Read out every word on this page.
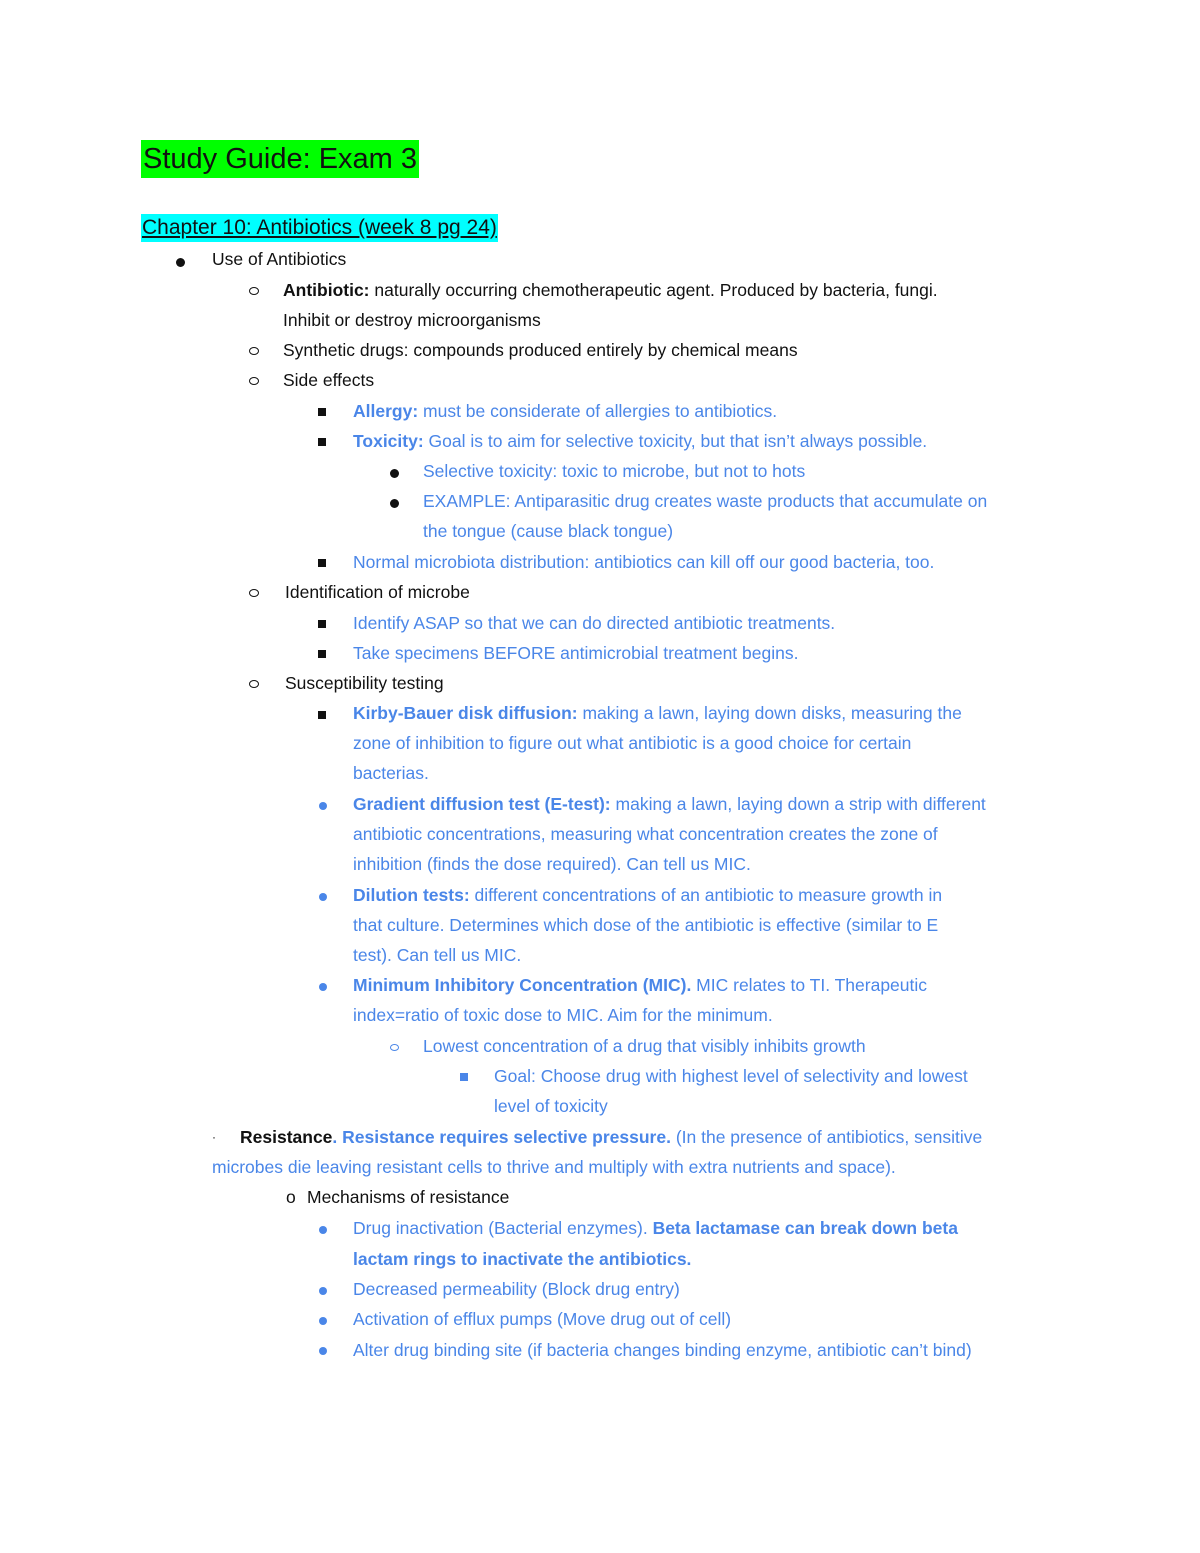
Study Guide: Exam 3
Chapter 10: Antibiotics (week 8 pg 24)
Use of Antibiotics
Antibiotic: naturally occurring chemotherapeutic agent. Produced by bacteria, fungi.
Inhibit or destroy microorganisms
Synthetic drugs: compounds produced entirely by chemical means
Side effects
Allergy: must be considerate of allergies to antibiotics.
Toxicity: Goal is to aim for selective toxicity, but that isn’t always possible.
Selective toxicity: toxic to microbe, but not to hots
EXAMPLE: Antiparasitic drug creates waste products that accumulate on
the tongue (cause black tongue)
Normal microbiota distribution: antibiotics can kill off our good bacteria, too.
Identification of microbe
Identify ASAP so that we can do directed antibiotic treatments.
Take specimens BEFORE antimicrobial treatment begins.
Susceptibility testing
Kirby-Bauer disk diffusion: making a lawn, laying down disks, measuring the
zone of inhibition to figure out what antibiotic is a good choice for certain
bacterias.
Gradient diffusion test (E-test): making a lawn, laying down a strip with different
antibiotic concentrations, measuring what concentration creates the zone of
inhibition (finds the dose required). Can tell us MIC.
Dilution tests: different concentrations of an antibiotic to measure growth in
that culture. Determines which dose of the antibiotic is effective (similar to E
test). Can tell us MIC.
Minimum Inhibitory Concentration (MIC). MIC relates to TI. Therapeutic
index=ratio of toxic dose to MIC. Aim for the minimum.
Lowest concentration of a drug that visibly inhibits growth
Goal: Choose drug with highest level of selectivity and lowest
level of toxicity
· Resistance. Resistance requires selective pressure. (In the presence of antibiotics, sensitive
microbes die leaving resistant cells to thrive and multiply with extra nutrients and space).
o Mechanisms of resistance
Drug inactivation (Bacterial enzymes). Beta lactamase can break down beta
lactam rings to inactivate the antibiotics.
Decreased permeability (Block drug entry)
Activation of efflux pumps (Move drug out of cell)
Alter drug binding site (if bacteria changes binding enzyme, antibiotic can’t bind)
